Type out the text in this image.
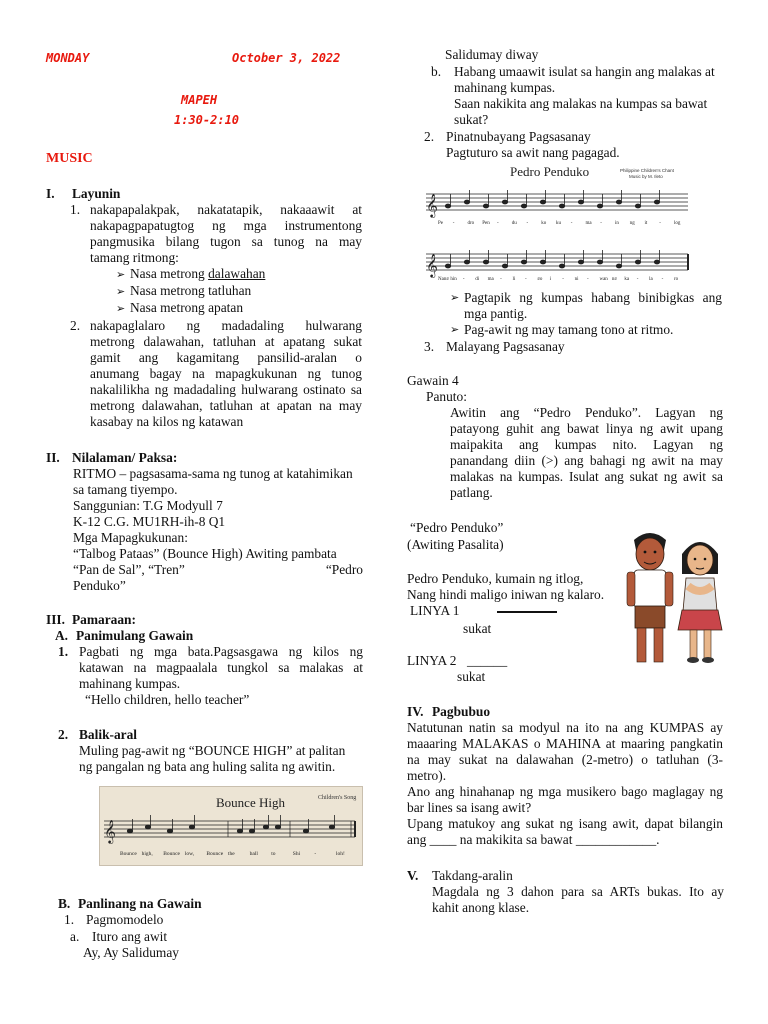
MONDAY	October 3, 2022
MAPEH
1:30-2:10
MUSIC
I. Layunin
1. nakapapalakpak, nakatatapik, nakaaawit at
nakapagpapatugtog ng mga instrumentong
pangmusika bilang tugon sa tunog na may
tamang ritmong:
➢ Nasa metrong dalawahan
➢ Nasa metrong tatluhan
➢ Nasa metrong apatan
2. nakapaglalaro ng madadaling hulwarang
metrong dalawahan, tatluhan at apatang sukat
gamit ang kagamitang pansilid-aralan o
anumang bagay na mapagkukunan ng tunog
nakalilikha ng madadaling hulwarang ostinato sa
metrong dalawahan, tatluhan at apatan na may
kasabay na kilos ng katawan
II. Nilalaman/ Paksa:
RITMO – pagsasama-sama ng tunog at katahimikan
sa tamang tiyempo.
Sanggunian: T.G Modyull 7
K-12 C.G. MU1RH-ih-8 Q1
Mga Mapagkukunan:
“Talbog Pataas” (Bounce High) Awiting pambata
“Pan de Sal”, “Tren”	“Pedro
Penduko”
III. Pamaraan:
A. Panimulang Gawain
1. Pagbati ng mga bata.Pagsasgawa ng kilos ng
katawan na magpaalala tungkol sa malakas at
mahinang kumpas.
“Hello children, hello teacher”
2. Balik-aral
Muling pag-awit ng “BOUNCE HIGH” at palitan
ng pangalan ng bata ang huling salita ng awitin.
Bounce High	Children's Song
𝄞
Bounce high, Bounce low, Bounce the	ball to	Shi	-	loh!
B. Panlinang na Gawain
1. Pagmomodelo
a. Ituro ang awit
Ay, Ay Salidumay
Salidumay diway
b. Habang umaawit isulat sa hangin ang malakas at
mahinang kumpas.
Saan nakikita ang malakas na kumpas sa bawat
sukat?
2. Pinatnubayang Pagsasanay
Pagtuturo sa awit nang pagagad.
Pedro Penduko	Philippine Children's Chant
Music by M. Ileto
𝄞
𝄞
Pe -	dro Pen -	du -	ko ku -	ma -	in ng it -	log
Nang hin - di ma - li - go i - ni - wan ng ka - la - ro
➢ Pagtapik ng kumpas habang binibigkas ang
mga pantig.
➢ Pag-awit ng may tamang tono at ritmo.
3. Malayang Pagsasanay
Gawain 4
Panuto:
Awitin ang “Pedro Penduko”. Lagyan ng
patayong guhit ang bawat linya ng awit upang
maipakita ang kumpas nito. Lagyan ng
panandang diin (>) ang bahagi ng awit na may
malakas na kumpas. Isulat ang sukat ng awit sa
patlang.
“Pedro Penduko”
(Awiting Pasalita)
Pedro Penduko, kumain ng itlog,
Nang hindi maligo iniwan ng kalaro.
LINYA 1
sukat
LINYA 2 ______
sukat
IV. Pagbubuo
Natutunan natin sa modyul na ito na ang KUMPAS ay
maaaring MALAKAS o MAHINA at maaring pangkatin
na may sukat na dalawahan (2-metro) o tatluhan (3-
metro).
Ano ang hinahanap ng mga musikero bago maglagay ng
bar lines sa isang awit?
Upang matukoy ang sukat ng isang awit, dapat bilangin
ang ____ na makikita sa bawat ____________.
V. Takdang-aralin
Magdala ng 3 dahon para sa ARTs bukas. Ito ay
kahit anong klase.
